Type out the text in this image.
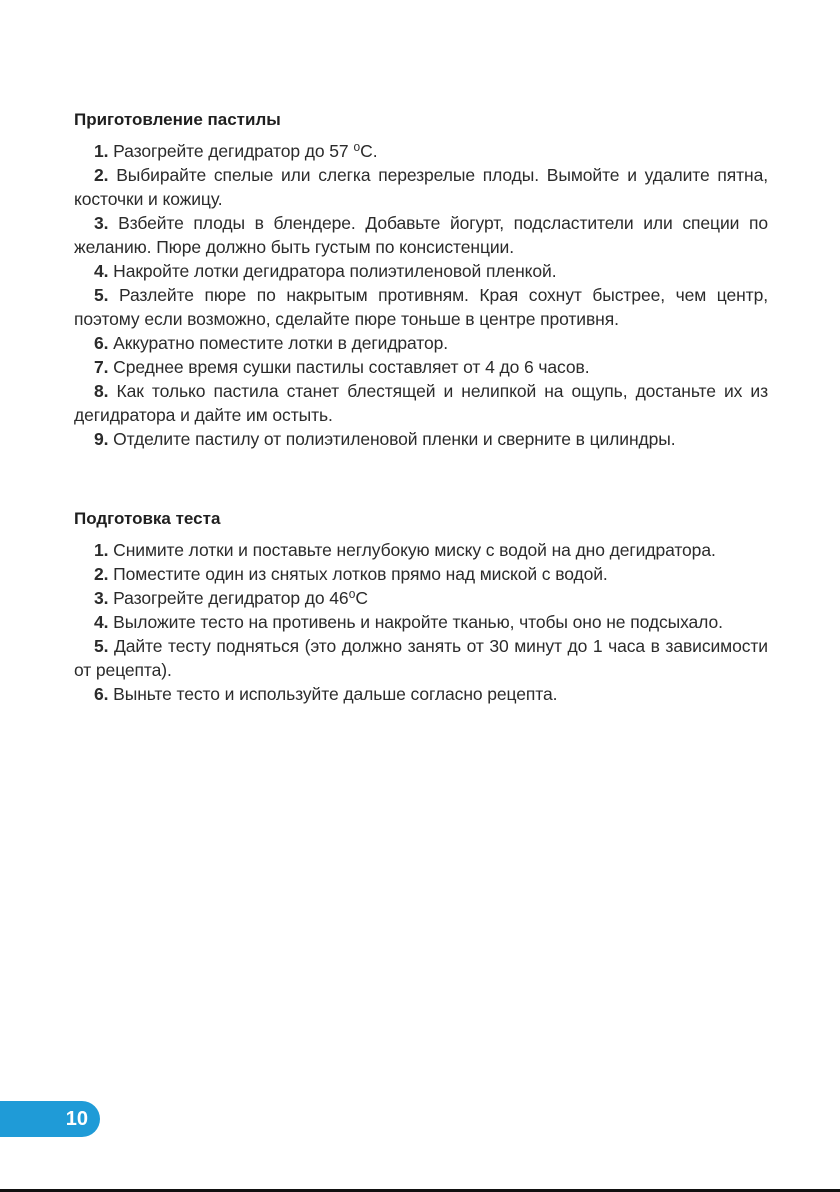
Приготовление пастилы
1. Разогрейте дегидратор до 57 ⁰С.
2. Выбирайте спелые или слегка перезрелые плоды. Вымойте и удалите пятна, косточки и кожицу.
3. Взбейте плоды в блендере. Добавьте йогурт, подсластители или специи по желанию. Пюре должно быть густым по консистенции.
4. Накройте лотки дегидратора полиэтиленовой пленкой.
5. Разлейте пюре по накрытым противням. Края сохнут быстрее, чем центр, поэтому если возможно, сделайте пюре тоньше в центре противня.
6. Аккуратно поместите лотки в дегидратор.
7. Среднее время сушки пастилы составляет от 4 до 6 часов.
8. Как только пастила станет блестящей и нелипкой на ощупь, достаньте их из дегидратора и дайте им остыть.
9. Отделите пастилу от полиэтиленовой пленки и сверните в цилиндры.
Подготовка теста
1. Снимите лотки и поставьте неглубокую миску с водой на дно дегидратора.
2. Поместите один из снятых лотков прямо над миской с водой.
3. Разогрейте дегидратор до 46⁰С
4. Выложите тесто на противень и накройте тканью, чтобы оно не подсыхало.
5. Дайте тесту подняться (это должно занять от 30 минут до 1 часа в зависимости от рецепта).
6. Выньте тесто и используйте дальше согласно рецепта.
10
